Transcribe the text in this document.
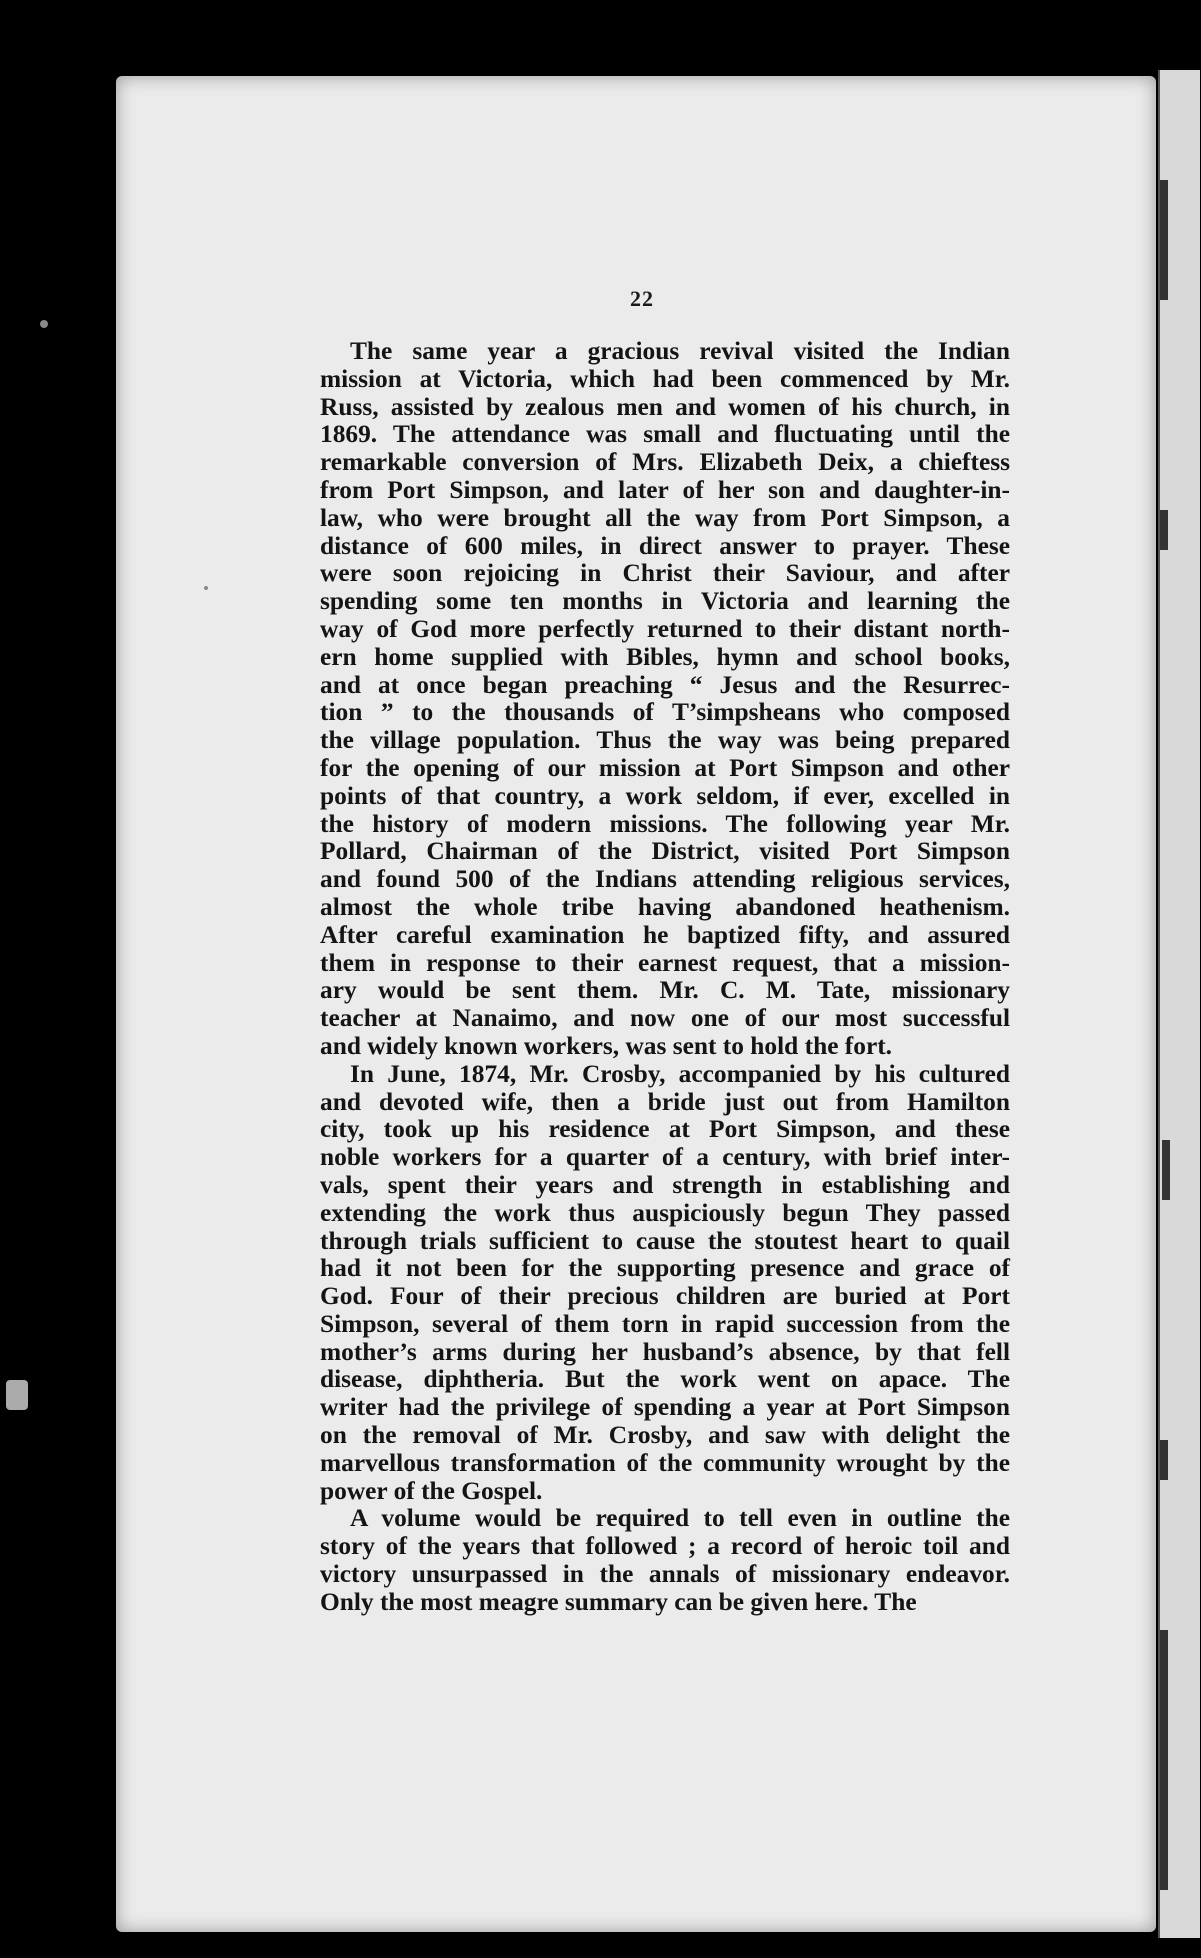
22

The same year a gracious revival visited the Indian
mission at Victoria, which had been commenced by Mr.
Russ, assisted by zealous men and women of his church, in
1869. The attendance was small and fluctuating until the
remarkable conversion of Mrs. Elizabeth Deix, a chieftess
from Port Simpson, and later of her son and daughter-in-
law, who were brought all the way from Port Simpson, a
distance of 600 miles, in direct answer to prayer. These
were soon rejoicing in Christ their Saviour, and after
spending some ten months in Victoria and learning the
way of God more perfectly returned to their distant north-
ern home supplied with Bibles, hymn and school books,
and at once began preaching “ Jesus and the Resurrec-
tion ” to the thousands of T’simpsheans who composed
the village population. Thus the way was being prepared
for the opening of our mission at Port Simpson and other
points of that country, a work seldom, if ever, excelled in
the history of modern missions. The following year Mr.
Pollard, Chairman of the District, visited Port Simpson
and found 500 of the Indians attending religious services,
almost the whole tribe having abandoned heathenism.
After careful examination he baptized fifty, and assured
them in response to their earnest request, that a mission-
ary would be sent them. Mr. C. M. Tate, missionary
teacher at Nanaimo, and now one of our most successful
and widely known workers, was sent to hold the fort.

In June, 1874, Mr. Crosby, accompanied by his cultured
and devoted wife, then a bride just out from Hamilton
city, took up his residence at Port Simpson, and these
noble workers for a quarter of a century, with brief inter-
vals, spent their years and strength in establishing and
extending the work thus auspiciously begun They passed
through trials sufficient to cause the stoutest heart to quail
had it not been for the supporting presence and grace of
God. Four of their precious children are buried at Port
Simpson, several of them torn in rapid succession from the
mother’s arms during her husband’s absence, by that fell
disease, diphtheria. But the work went on apace. The
writer had the privilege of spending a year at Port Simpson
on the removal of Mr. Crosby, and saw with delight the
marvellous transformation of the community wrought by the
power of the Gospel.

A volume would be required to tell even in outline the
story of the years that followed ; a record of heroic toil and
victory unsurpassed in the annals of missionary endeavor.
Only the most meagre summary can be given here. The
